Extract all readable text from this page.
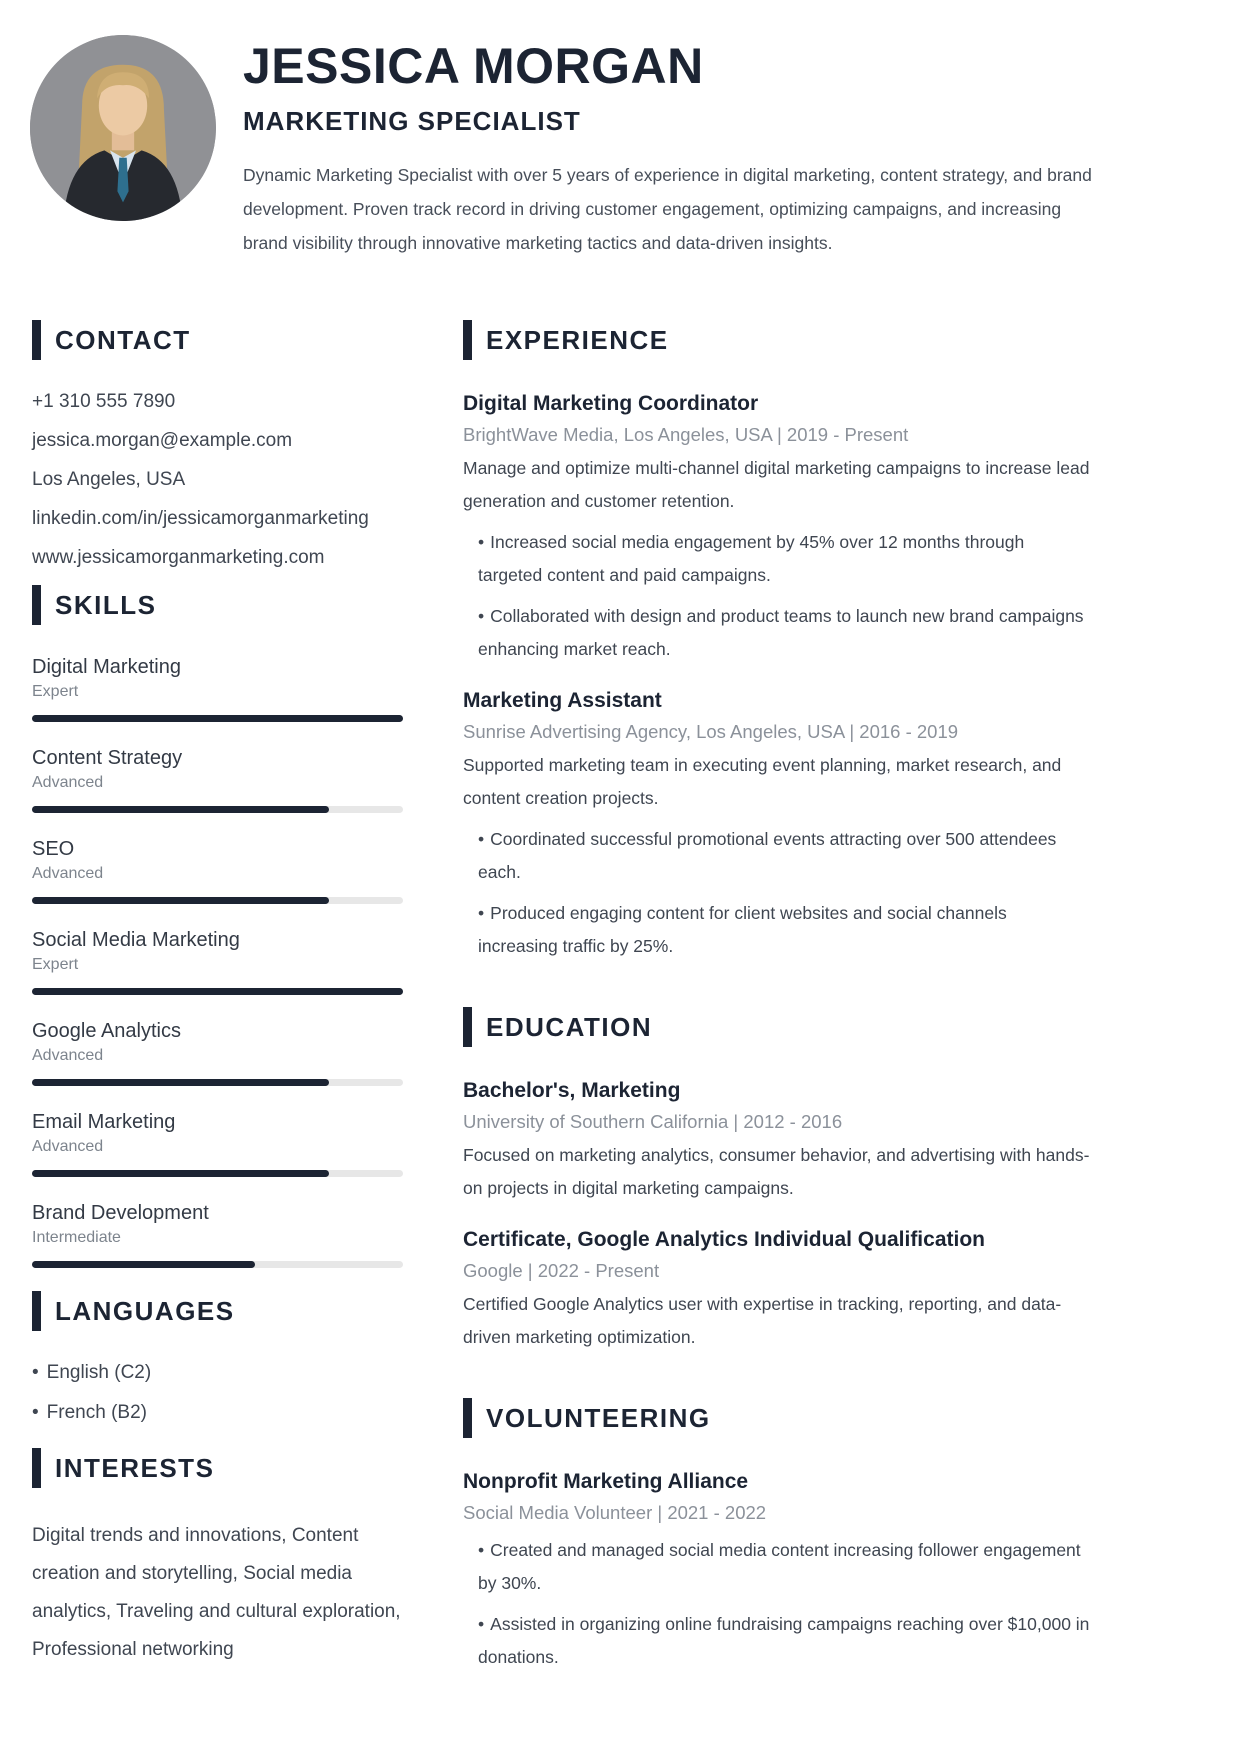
JESSICA MORGAN
MARKETING SPECIALIST
Dynamic Marketing Specialist with over 5 years of experience in digital marketing, content strategy, and brand development. Proven track record in driving customer engagement, optimizing campaigns, and increasing brand visibility through innovative marketing tactics and data-driven insights.
CONTACT
+1 310 555 7890
jessica.morgan@example.com
Los Angeles, USA
linkedin.com/in/jessicamorganmarketing
www.jessicamorganmarketing.com
SKILLS
Digital Marketing
Expert
Content Strategy
Advanced
SEO
Advanced
Social Media Marketing
Expert
Google Analytics
Advanced
Email Marketing
Advanced
Brand Development
Intermediate
LANGUAGES
• English (C2)
• French (B2)
INTERESTS
Digital trends and innovations, Content creation and storytelling, Social media analytics, Traveling and cultural exploration, Professional networking
EXPERIENCE
Digital Marketing Coordinator
BrightWave Media, Los Angeles, USA | 2019 - Present
Manage and optimize multi-channel digital marketing campaigns to increase lead generation and customer retention.
• Increased social media engagement by 45% over 12 months through targeted content and paid campaigns.
• Collaborated with design and product teams to launch new brand campaigns enhancing market reach.
Marketing Assistant
Sunrise Advertising Agency, Los Angeles, USA | 2016 - 2019
Supported marketing team in executing event planning, market research, and content creation projects.
• Coordinated successful promotional events attracting over 500 attendees each.
• Produced engaging content for client websites and social channels increasing traffic by 25%.
EDUCATION
Bachelor's, Marketing
University of Southern California | 2012 - 2016
Focused on marketing analytics, consumer behavior, and advertising with hands-on projects in digital marketing campaigns.
Certificate, Google Analytics Individual Qualification
Google | 2022 - Present
Certified Google Analytics user with expertise in tracking, reporting, and data-driven marketing optimization.
VOLUNTEERING
Nonprofit Marketing Alliance
Social Media Volunteer | 2021 - 2022
• Created and managed social media content increasing follower engagement by 30%.
• Assisted in organizing online fundraising campaigns reaching over $10,000 in donations.
